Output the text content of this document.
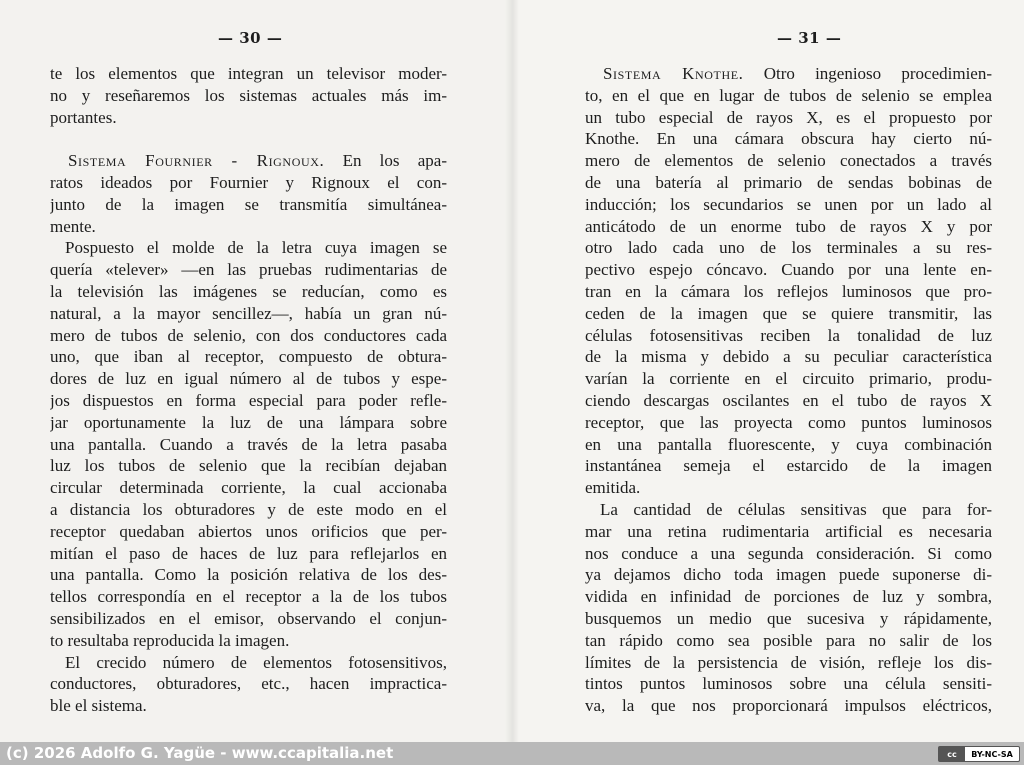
— 30 —
te los elementos que integran un televisor moder-
no y reseñaremos los sistemas actuales más im-
portantes.
Sistema Fournier - Rignoux. En los apa-
ratos ideados por Fournier y Rignoux el con-
junto de la imagen se transmitía simultánea-
mente.
Pospuesto el molde de la letra cuya imagen se
quería «telever» —en las pruebas rudimentarias de
la televisión las imágenes se reducían, como es
natural, a la mayor sencillez—, había un gran nú-
mero de tubos de selenio, con dos conductores cada
uno, que iban al receptor, compuesto de obtura-
dores de luz en igual número al de tubos y espe-
jos dispuestos en forma especial para poder refle-
jar oportunamente la luz de una lámpara sobre
una pantalla. Cuando a través de la letra pasaba
luz los tubos de selenio que la recibían dejaban
circular determinada corriente, la cual accionaba
a distancia los obturadores y de este modo en el
receptor quedaban abiertos unos orificios que per-
mitían el paso de haces de luz para reflejarlos en
una pantalla. Como la posición relativa de los des-
tellos correspondía en el receptor a la de los tubos
sensibilizados en el emisor, observando el conjun-
to resultaba reproducida la imagen.
El crecido número de elementos fotosensitivos,
conductores, obturadores, etc., hacen impractica-
ble el sistema.
— 31 —
Sistema Knothe. Otro ingenioso procedimien-
to, en el que en lugar de tubos de selenio se emplea
un tubo especial de rayos X, es el propuesto por
Knothe. En una cámara obscura hay cierto nú-
mero de elementos de selenio conectados a través
de una batería al primario de sendas bobinas de
inducción; los secundarios se unen por un lado al
anticátodo de un enorme tubo de rayos X y por
otro lado cada uno de los terminales a su res-
pectivo espejo cóncavo. Cuando por una lente en-
tran en la cámara los reflejos luminosos que pro-
ceden de la imagen que se quiere transmitir, las
células fotosensitivas reciben la tonalidad de luz
de la misma y debido a su peculiar característica
varían la corriente en el circuito primario, produ-
ciendo descargas oscilantes en el tubo de rayos X
receptor, que las proyecta como puntos luminosos
en una pantalla fluorescente, y cuya combinación
instantánea semeja el estarcido de la imagen
emitida.
La cantidad de células sensitivas que para for-
mar una retina rudimentaria artificial es necesaria
nos conduce a una segunda consideración. Si como
ya dejamos dicho toda imagen puede suponerse di-
vidida en infinidad de porciones de luz y sombra,
busquemos un medio que sucesiva y rápidamente,
tan rápido como sea posible para no salir de los
límites de la persistencia de visión, refleje los dis-
tintos puntos luminosos sobre una célula sensiti-
va, la que nos proporcionará impulsos eléctricos,
(c) 2026 Adolfo G. Yagüe - www.ccapitalia.net	cc	BY-NC-SA
